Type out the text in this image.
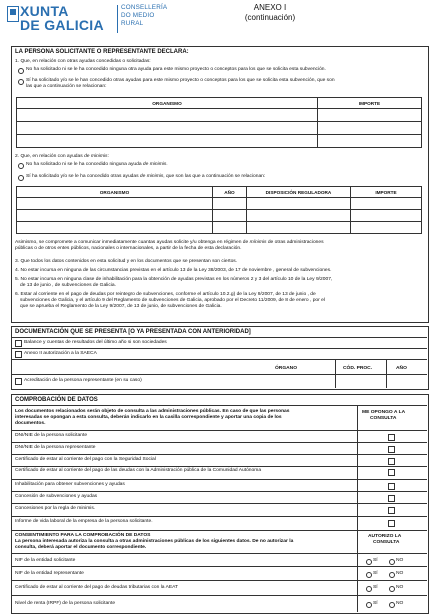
XUNTA
DE GALICIA
CONSELLERÍA
DO MEDIO
RURAL
ANEXO I
(continuación)
LA PERSONA SOLICITANTE O REPRESENTANTE DECLARA:
1. Que, en relación con otras ayudas concedidas o solicitadas:
No ha solicitado ni se le ha concedido ninguna otra ayuda para este mismo proyecto o conceptos para los que se solicita esta subvención.
Sí ha solicitado y/o se le han concedido otras ayudas para este mismo proyecto o conceptos para los que se solicita esta subvención, que son
las que a continuación se relacionan:
ORGANISMO	IMPORTE

2. Que, en relación con ayudas de minimis:
No ha solicitado ni se le ha concedido ninguna ayuda de minimis.
Sí ha solicitado y/o se le ha concedido otras ayudas de minimis, que son las que a continuación se relacionan:
ORGANISMO	AÑO	DISPOSICIÓN REGULADORA	IMPORTE

Asimismo, se compromete a comunicar inmediatamente cuantas ayudas solicite y/u obtenga en régimen de mínimis de otras administraciones
públicas o de otros entes públicos, nacionales o internacionales, a partir de la fecha de esta declaración.
3. Que todos los datos contenidos en esta solicitud y en los documentos que se presentan son ciertos.
4. No estar incursa en ninguna de las circunstancias previstas en el artículo 13 de la Ley 38/2003, de 17 de noviembre , general de subvenciones.
5. No estar incursa en ninguna clase de inhabilitación para la obtención de ayudas previstas en los números 2 y 3 del artículo 10 de la Ley 9/2007,
de 13 de junio , de subvenciones de Galicia.
6. Estar al corriente en el pago de deudas por reintegro de subvenciones, conforme el artículo 10.2.g) de la Ley 9/2007, de 13 de junio , de
subvenciones de Galicia, y el artículo 9 del Reglamento de subvenciones de Galicia, aprobado por el Decreto 11/2009, de 8 de enero , por el
que se aprueba el Reglamento de la Ley 9/2007, de 13 de junio, de subvenciones de Galicia.
DOCUMENTACIÓN QUE SE PRESENTA [O YA PRESENTADA CON ANTERIORIDAD]
Balance y cuentas de resultados del último año si son sociedades
Anexo II autorización a la SAECA
ÓRGANO	CÓD. PROC.	AÑO
Acreditación de la persona representante (en su caso)
COMPROBACIÓN DE DATOS
Los documentos relacionados serán objeto de consulta a las administraciones públicas. En caso de que las personas
interesadas se opongan a esta consulta, deberán indicarlo en la casilla correspondiente y aportar una copia de los
documentos.
ME OPONGO A LA
CONSULTA
DNI/NIE de la persona solicitante
DNI/NIE de la persona representante
Certificado de estar al corriente del pago con la Seguridad Social
Certificado de estar al corriente del pago de las deudas con la Administración pública de la Comunidad Autónoma
Inhabilitación para obtener subvenciones y ayudas
Concesión de subvenciones y ayudas
Concesiones por la regla de minimis.
Informe de vida laboral de la empresa de la persona solicitante.
CONSENTIMIENTO PARA LA COMPROBACIÓN DE DATOS
La persona interesada autoriza la consulta a otras administraciones públicas de los siguientes datos. De no autorizar la
consulta, deberá aportar el documento correspondiente.
AUTORIZO LA
CONSULTA
NIF de la entidad solicitante	SÍ	NO
NIF de la entidad representante	SÍ	NO
Certificado de estar al corriente del pago de deudas tributarias con la AEAT	SÍ	NO
Nivel de renta (IRPF) de la persona solicitante	SÍ	NO
